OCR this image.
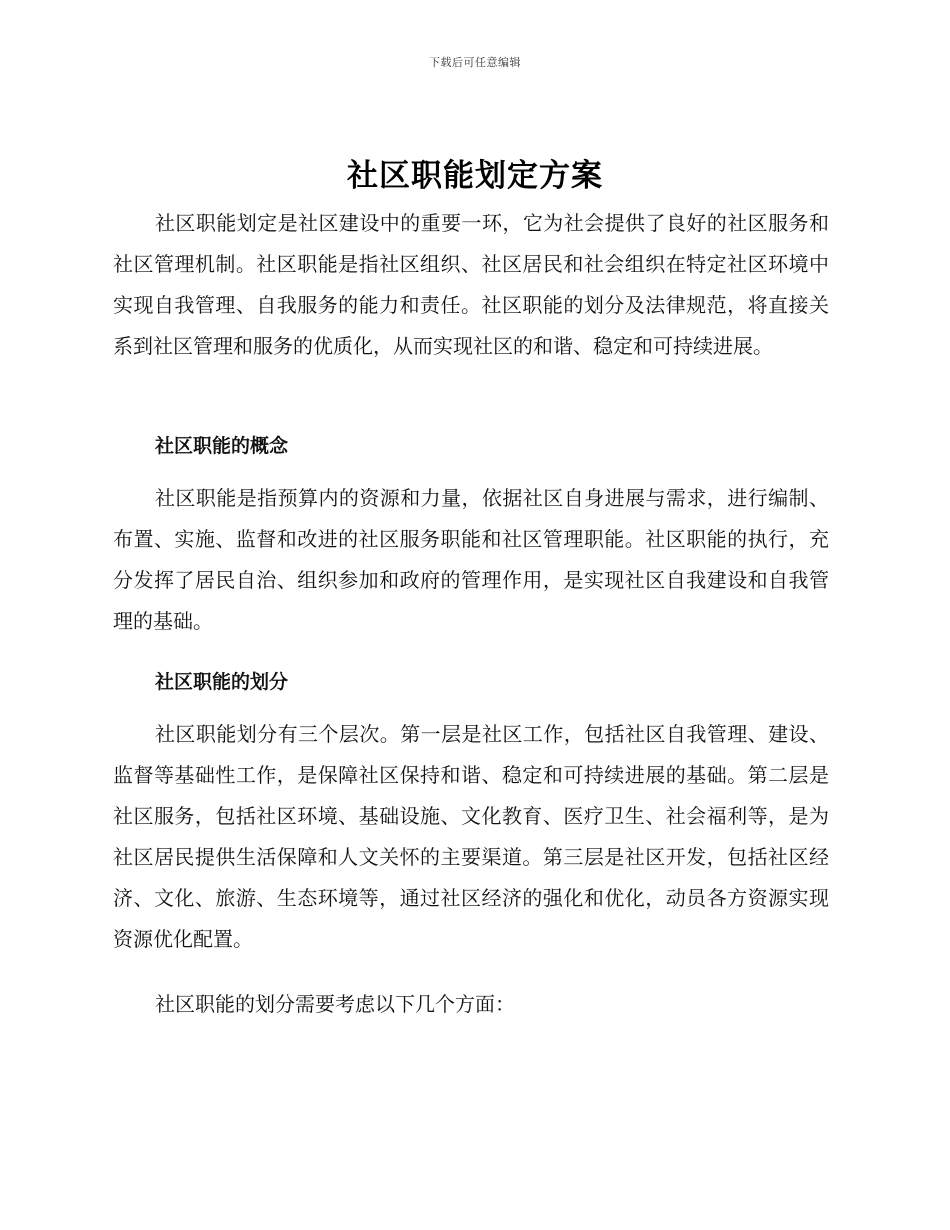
下载后可任意编辑
社区职能划定方案

社区职能划定是社区建设中的重要一环，它为社会提供了良好的社区服务和社区管理机制。社区职能是指社区组织、社区居民和社会组织在特定社区环境中实现自我管理、自我服务的能力和责任。社区职能的划分及法律规范，将直接关系到社区管理和服务的优质化，从而实现社区的和谐、稳定和可持续进展。

社区职能的概念

社区职能是指预算内的资源和力量，依据社区自身进展与需求，进行编制、布置、实施、监督和改进的社区服务职能和社区管理职能。社区职能的执行，充分发挥了居民自治、组织参加和政府的管理作用，是实现社区自我建设和自我管理的基础。

社区职能的划分

社区职能划分有三个层次。第一层是社区工作，包括社区自我管理、建设、监督等基础性工作，是保障社区保持和谐、稳定和可持续进展的基础。第二层是社区服务，包括社区环境、基础设施、文化教育、医疗卫生、社会福利等，是为社区居民提供生活保障和人文关怀的主要渠道。第三层是社区开发，包括社区经济、文化、旅游、生态环境等，通过社区经济的强化和优化，动员各方资源实现资源优化配置。

社区职能的划分需要考虑以下几个方面：
